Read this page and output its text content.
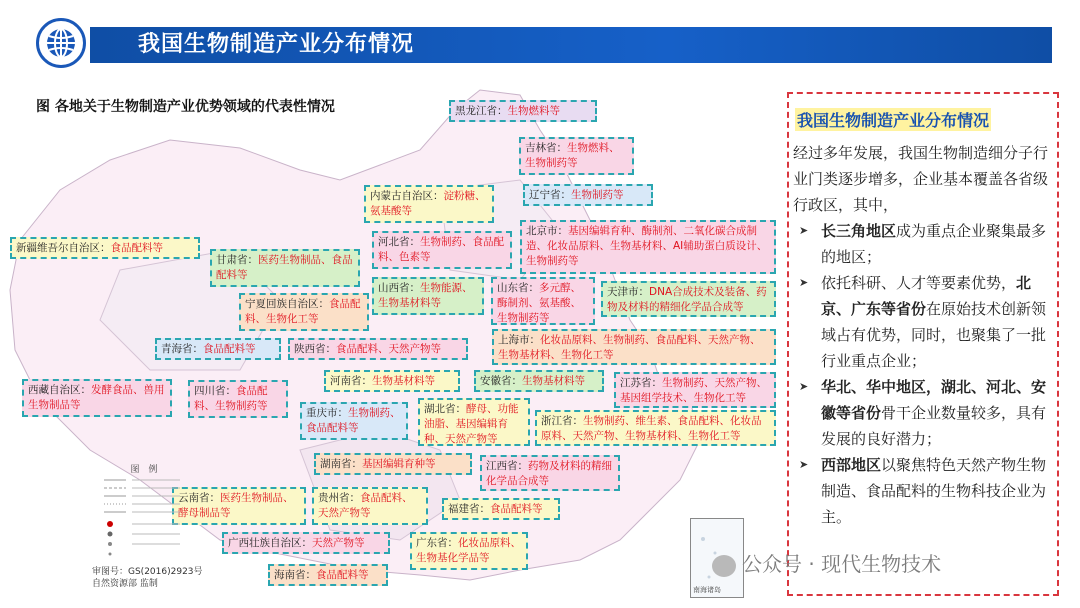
我国生物制造产业分布情况
图 各地关于生物制造产业优势领域的代表性情况	黑龙江省：生物燃料等
吉林省：生物燃料、生物制药等
内蒙古自治区：淀粉糖、氨基酸等
辽宁省：生物制药等
新疆维吾尔自治区：食品配料等
北京市：基因编辑育种、酶制剂、二氧化碳合成制造、化妆品原料、生物基材料、AI辅助蛋白质设计、生物制药等
河北省：生物制药、食品配料、色素等
甘肃省：医药生物制品、食品配料等
山西省：生物能源、生物基材料等
山东省：多元醇、酶制剂、氨基酸、生物制药等
天津市：DNA合成技术及装备、药物及材料的精细化学品合成等
宁夏回族自治区：食品配料、生物化工等
青海省：食品配料等	陕西省：食品配料、天然产物等
上海市：化妆品原料、生物制药、食品配料、天然产物、生物基材料、生物化工等
西藏自治区：发酵食品、兽用生物制品等
四川省：食品配料、生物制药等
河南省：生物基材料等	安徽省：生物基材料等	江苏省：生物制药、天然产物、基因组学技术、生物化工等
重庆市：生物制药、食品配料等
湖北省：酵母、功能油脂、基因编辑育种、天然产物等
浙江省：生物制药、维生素、食品配料、化妆品原料、天然产物、生物基材料、生物化工等
湖南省：基因编辑育种等	江西省：药物及材料的精细化学品合成等
云南省：医药生物制品、酵母制品等
贵州省：食品配料、天然产物等	福建省：食品配料等
广西壮族自治区：天然产物等	广东省：化妆品原料、生物基化学品等
海南省：食品配料等
图　例
审图号：GS(2016)2923号
自然资源部 监制
南海诸岛
我国生物制造产业分布情况

经过多年发展，我国生物制造细分子行业门类逐步增多，企业基本覆盖各省级行政区，其中，

➤ 长三角地区成为重点企业聚集最多的地区；

➤ 依托科研、人才等要素优势，北京、广东等省份在原始技术创新领域占有优势，同时，也聚集了一批行业重点企业；

➤ 华北、华中地区，湖北、河北、安徽等省份骨干企业数量较多，具有发展的良好潜力；

➤ 西部地区以聚焦特色天然产物生物制造、食品配料的生物科技企业为主。

公众号 · 现代生物技术
